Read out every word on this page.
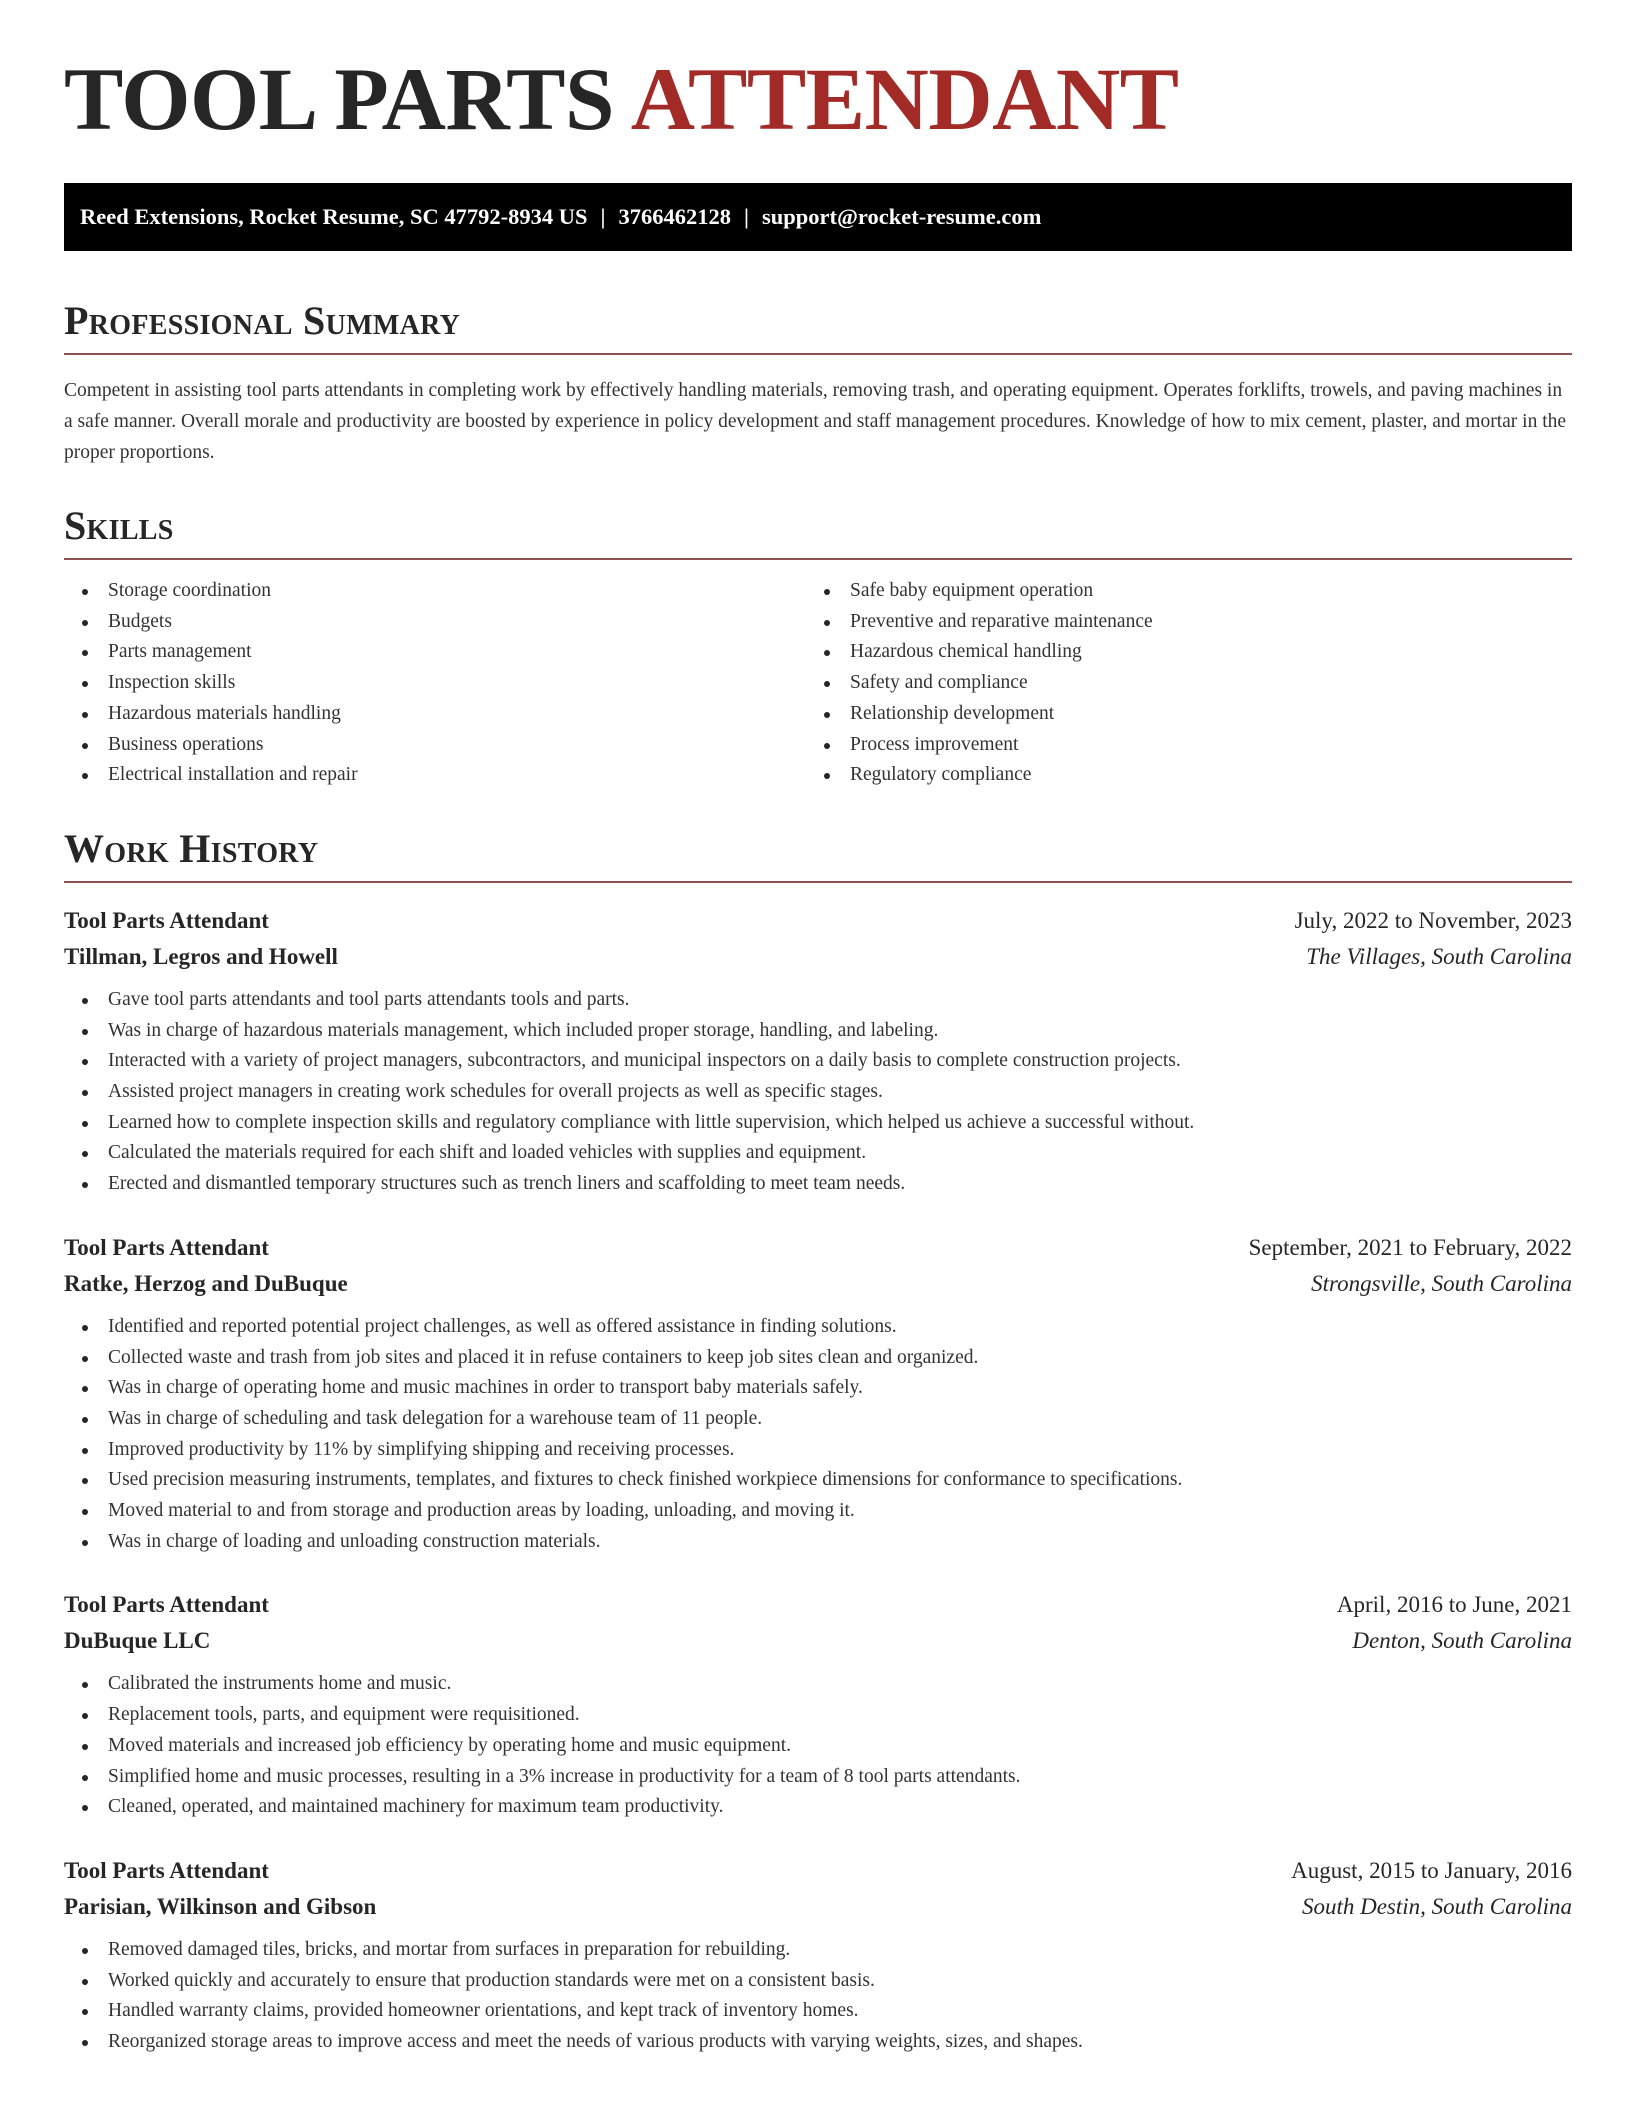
TOOL PARTS ATTENDANT
Reed Extensions, Rocket Resume, SC 47792-8934 US | 3766462128 | support@rocket-resume.com
Professional Summary

Competent in assisting tool parts attendants in completing work by effectively handling materials, removing trash, and operating equipment. Operates forklifts, trowels, and paving machines in a safe manner. Overall morale and productivity are boosted by experience in policy development and staff management procedures. Knowledge of how to mix cement, plaster, and mortar in the proper proportions.

Skills
Storage coordination
Budgets
Parts management
Inspection skills
Hazardous materials handling
Business operations
Electrical installation and repair
Safe baby equipment operation
Preventive and reparative maintenance
Hazardous chemical handling
Safety and compliance
Relationship development
Process improvement
Regulatory compliance
Work History
Tool Parts Attendant	July, 2022 to November, 2023
Tillman, Legros and Howell	The Villages, South Carolina
Gave tool parts attendants and tool parts attendants tools and parts.
Was in charge of hazardous materials management, which included proper storage, handling, and labeling.
Interacted with a variety of project managers, subcontractors, and municipal inspectors on a daily basis to complete construction projects.
Assisted project managers in creating work schedules for overall projects as well as specific stages.
Learned how to complete inspection skills and regulatory compliance with little supervision, which helped us achieve a successful without.
Calculated the materials required for each shift and loaded vehicles with supplies and equipment.
Erected and dismantled temporary structures such as trench liners and scaffolding to meet team needs.
Tool Parts Attendant	September, 2021 to February, 2022
Ratke, Herzog and DuBuque	Strongsville, South Carolina
Identified and reported potential project challenges, as well as offered assistance in finding solutions.
Collected waste and trash from job sites and placed it in refuse containers to keep job sites clean and organized.
Was in charge of operating home and music machines in order to transport baby materials safely.
Was in charge of scheduling and task delegation for a warehouse team of 11 people.
Improved productivity by 11% by simplifying shipping and receiving processes.
Used precision measuring instruments, templates, and fixtures to check finished workpiece dimensions for conformance to specifications.
Moved material to and from storage and production areas by loading, unloading, and moving it.
Was in charge of loading and unloading construction materials.
Tool Parts Attendant	April, 2016 to June, 2021
DuBuque LLC	Denton, South Carolina
Calibrated the instruments home and music.
Replacement tools, parts, and equipment were requisitioned.
Moved materials and increased job efficiency by operating home and music equipment.
Simplified home and music processes, resulting in a 3% increase in productivity for a team of 8 tool parts attendants.
Cleaned, operated, and maintained machinery for maximum team productivity.
Tool Parts Attendant	August, 2015 to January, 2016
Parisian, Wilkinson and Gibson	South Destin, South Carolina
Removed damaged tiles, bricks, and mortar from surfaces in preparation for rebuilding.
Worked quickly and accurately to ensure that production standards were met on a consistent basis.
Handled warranty claims, provided homeowner orientations, and kept track of inventory homes.
Reorganized storage areas to improve access and meet the needs of various products with varying weights, sizes, and shapes.
